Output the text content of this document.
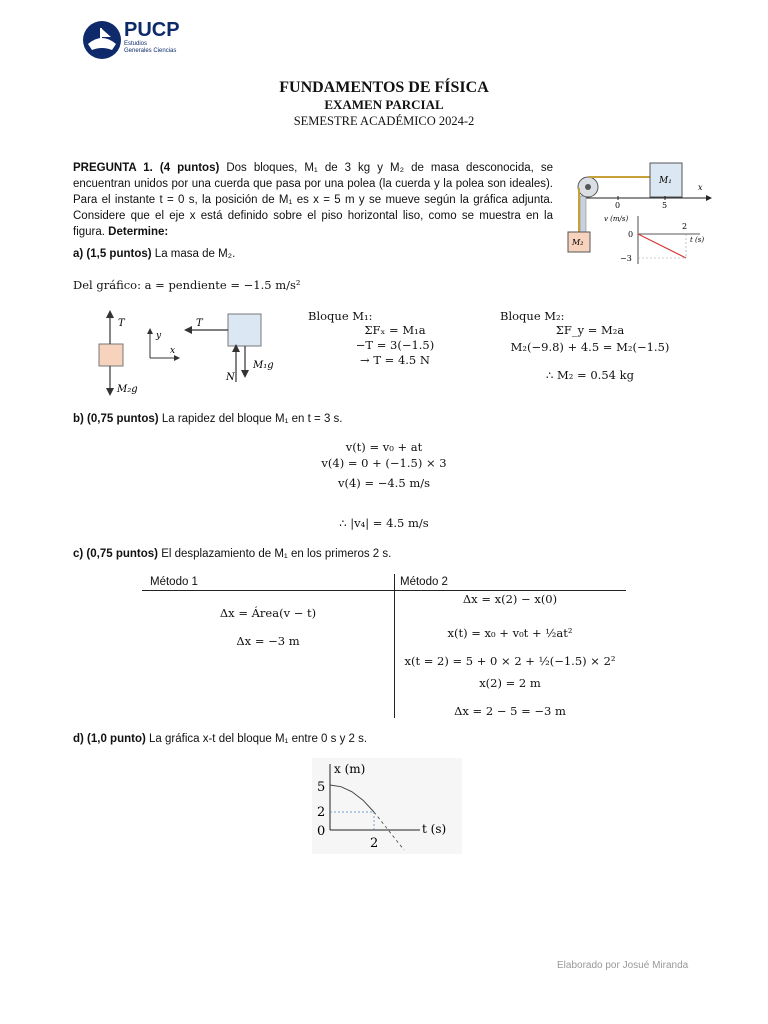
PUCP
Estudios
Generales Ciencias
FUNDAMENTOS DE FÍSICA
EXAMEN PARCIAL
SEMESTRE ACADÉMICO 2024-2
PREGUNTA 1. (4 puntos) Dos bloques, M₁ de 3 kg y M₂ de masa desconocida, se encuentran unidos por una cuerda que pasa por una polea (la cuerda y la polea son ideales). Para el instante t = 0 s, la posición de M₁ es x = 5 m y se mueve según la gráfica adjunta. Considere que el eje x está definido sobre el piso horizontal liso, como se muestra en la figura. Determine:
M₁
M₂
x
0	5
v (m/s)
0
−3
2
t (s)
a) (1,5 puntos) La masa de M₂.
Del gráfico: a = pendiente = −1.5 m/s²
T
M₂g
y
x
T
N
M₁g
Bloque M₁:
ΣFₓ = M₁a
−T = 3(−1.5)
→ T = 4.5 N
Bloque M₂:
ΣF_y = M₂a
M₂(−9.8) + 4.5 = M₂(−1.5)
∴ M₂ = 0.54 kg
b) (0,75 puntos) La rapidez del bloque M₁ en t = 3 s.
v(t) = v₀ + at
v(4) = 0 + (−1.5) × 3
v(4) = −4.5 m/s
∴ |v₄| = 4.5 m/s
c) (0,75 puntos) El desplazamiento de M₁ en los primeros 2 s.
Método 1	Método 2
Δx = Área(v − t)
Δx = −3 m
Δx = x(2) − x(0)
x(t) = x₀ + v₀t + ½at²
x(t = 2) = 5 + 0 × 2 + ½(−1.5) × 2²
x(2) = 2 m
Δx = 2 − 5 = −3 m
d) (1,0 punto) La gráfica x-t del bloque M₁ entre 0 s y 2 s.
x (m)
t (s)
5
2
0
2
Elaborado por Josué Miranda
